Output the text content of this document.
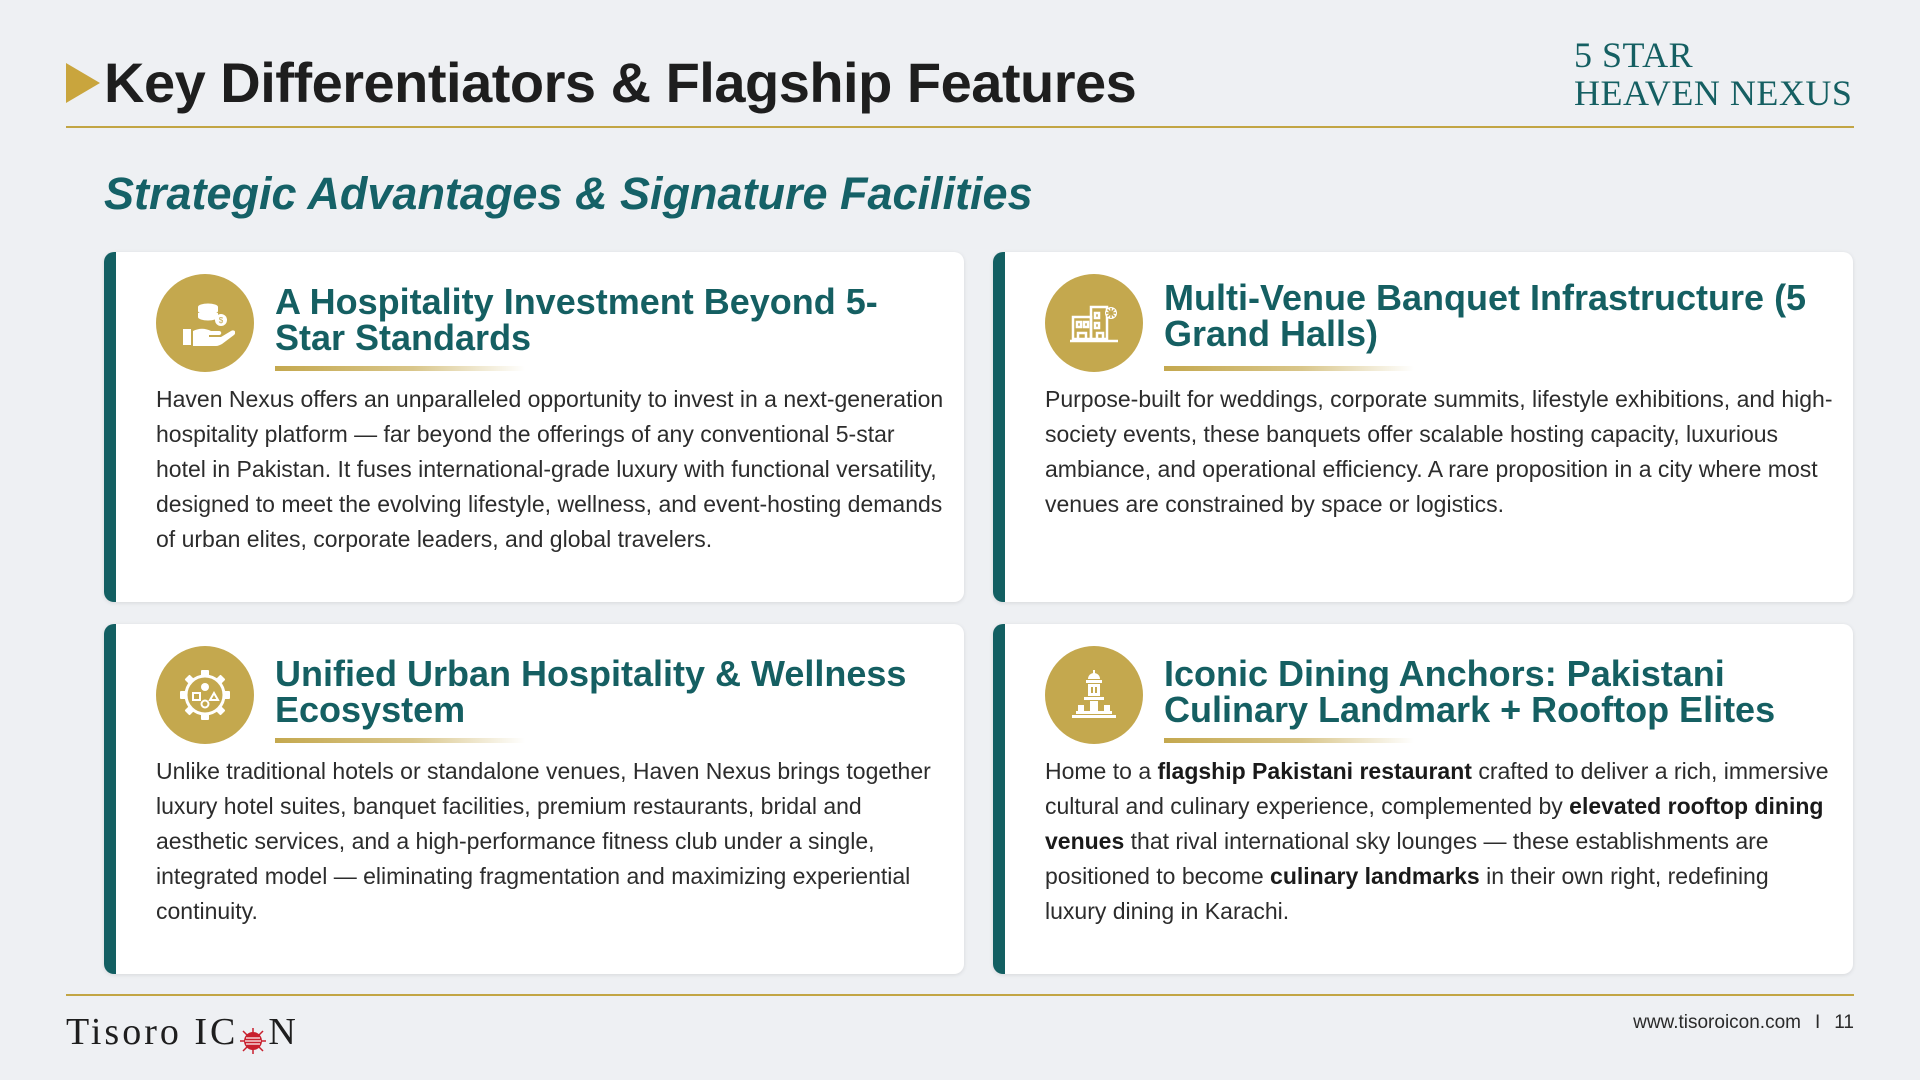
Key Differentiators & Flagship Features	5 STAR
HEAVEN NEXUS
Strategic Advantages & Signature Facilities
$ A Hospitality Investment Beyond 5-Star Standards
Haven Nexus offers an unparalleled opportunity to invest in a next-generation hospitality platform — far beyond the offerings of any conventional 5-star hotel in Pakistan. It fuses international-grade luxury with functional versatility, designed to meet the evolving lifestyle, wellness, and event-hosting demands of urban elites, corporate leaders, and global travelers.
Multi-Venue Banquet Infrastructure (5 Grand Halls)
Purpose-built for weddings, corporate summits, lifestyle exhibitions, and high-society events, these banquets offer scalable hosting capacity, luxurious ambiance, and operational efficiency. A rare proposition in a city where most venues are constrained by space or logistics.
Unified Urban Hospitality & Wellness Ecosystem
Unlike traditional hotels or standalone venues, Haven Nexus brings together luxury hotel suites, banquet facilities, premium restaurants, bridal and aesthetic services, and a high-performance fitness club under a single, integrated model — eliminating fragmentation and maximizing experiential continuity.
Iconic Dining Anchors: Pakistani Culinary Landmark + Rooftop Elites
Home to a flagship Pakistani restaurant crafted to deliver a rich, immersive cultural and culinary experience, complemented by elevated rooftop dining venues that rival international sky lounges — these establishments are positioned to become culinary landmarks in their own right, redefining luxury dining in Karachi.
Tisoro IC N	www.tisoroicon.com I 11
